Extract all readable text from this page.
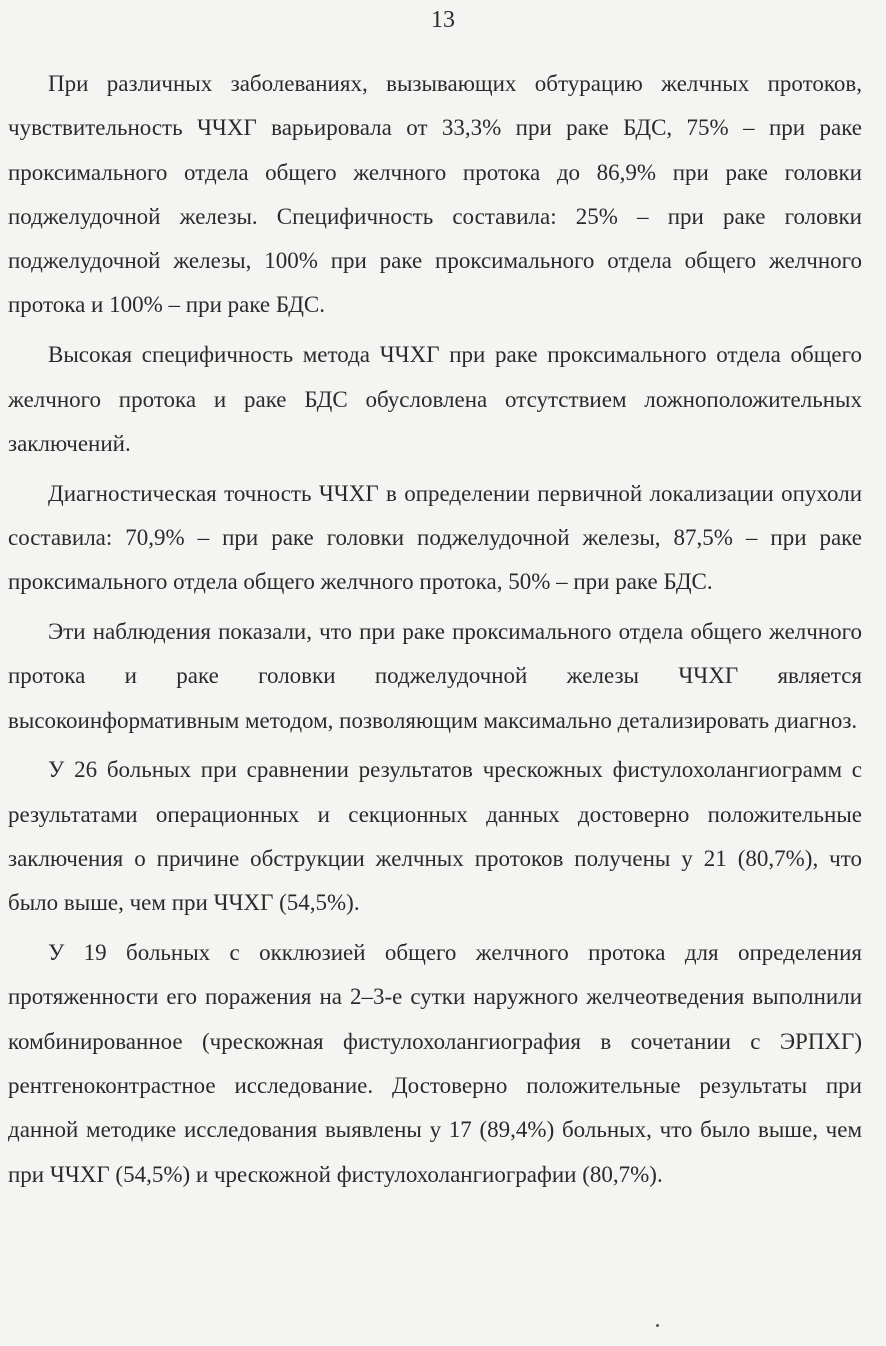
13

При различных заболеваниях, вызывающих обтурацию желчных протоков, чувствительность ЧЧХГ варьировала от 33,3% при раке БДС, 75% – при раке проксимального отдела общего желчного протока до 86,9% при раке головки поджелудочной железы. Специфичность составила: 25% – при раке головки поджелудочной железы, 100% при раке проксимального отдела общего желчного протока и 100% – при раке БДС.

Высокая специфичность метода ЧЧХГ при раке проксимального отдела общего желчного протока и раке БДС обусловлена отсутствием ложноположительных заключений.

Диагностическая точность ЧЧХГ в определении первичной локализации опухоли составила: 70,9% – при раке головки поджелудочной железы, 87,5% – при раке проксимального отдела общего желчного протока, 50% – при раке БДС.

Эти наблюдения показали, что при раке проксимального отдела общего желчного протока и раке головки поджелудочной железы ЧЧХГ является высокоинформативным методом, позволяющим максимально детализировать диагноз.

У 26 больных при сравнении результатов чрескожных фистулохолангиограмм с результатами операционных и секционных данных достоверно положительные заключения о причине обструкции желчных протоков получены у 21 (80,7%), что было выше, чем при ЧЧХГ (54,5%).

У 19 больных с окклюзией общего желчного протока для определения протяженности его поражения на 2–3-е сутки наружного желчеотведения выполнили комбинированное (чрескожная фистулохолангиография в сочетании с ЭРПХГ) рентгеноконтрастное исследование. Достоверно положительные результаты при данной методике исследования выявлены у 17 (89,4%) больных, что было выше, чем при ЧЧХГ (54,5%) и чрескожной фистулохолангиографии (80,7%).
